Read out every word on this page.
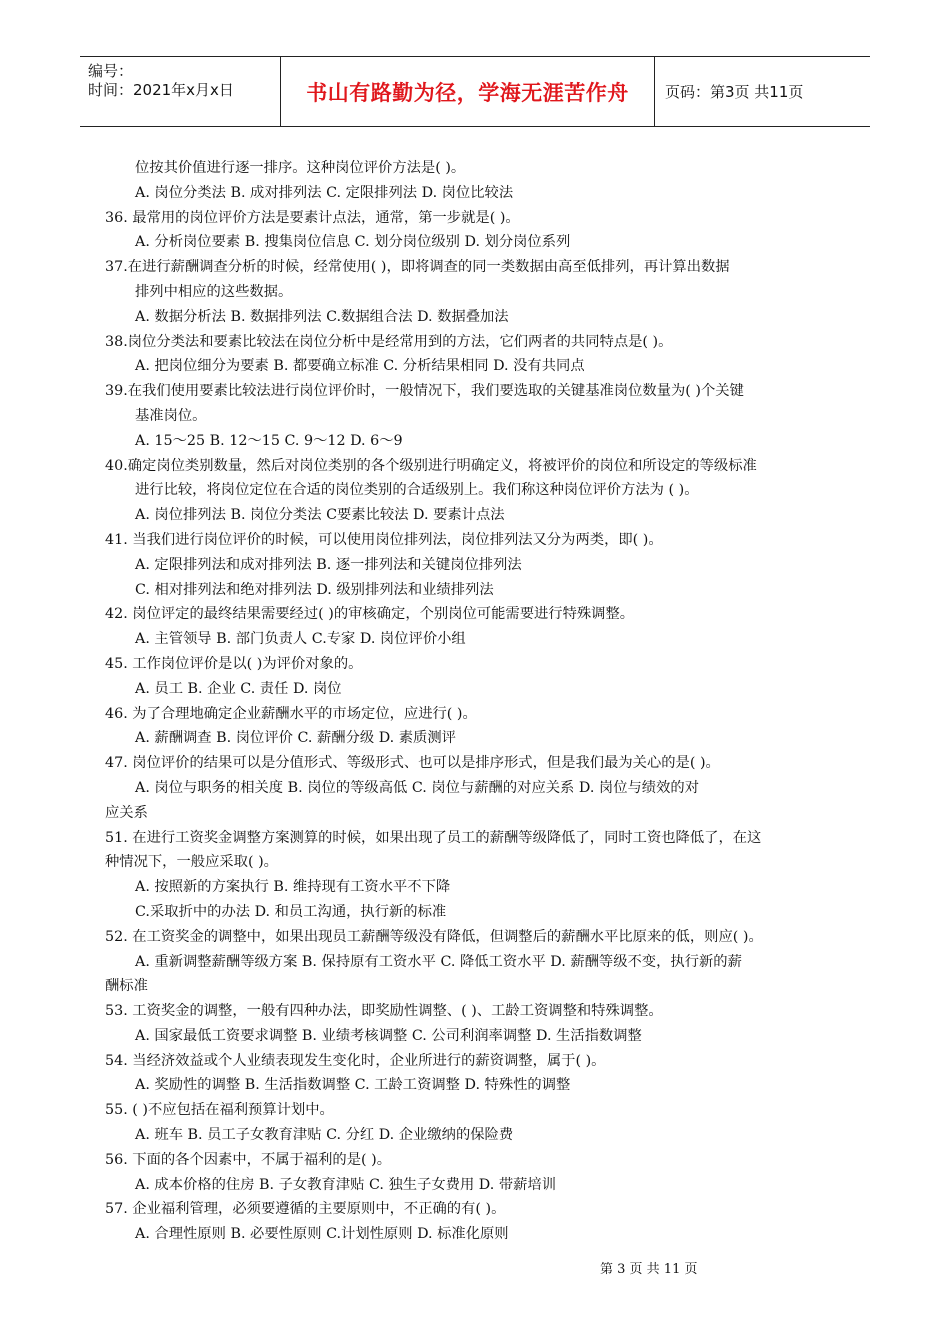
编号：
时间：2021年x月x日	书山有路勤为径，学海无涯苦作舟	页码：第3页 共11页
位按其价值进行逐一排序。这种岗位评价方法是( )。
A. 岗位分类法 B. 成对排列法 C. 定限排列法 D. 岗位比较法
36. 最常用的岗位评价方法是要素计点法，通常，第一步就是( )。
A. 分析岗位要素 B. 搜集岗位信息 C. 划分岗位级别 D. 划分岗位系列
37.在进行薪酬调查分析的时候，经常使用( )，即将调查的同一类数据由高至低排列，再计算出数据
排列中相应的这些数据。
A. 数据分析法 B. 数据排列法 C.数据组合法 D. 数据叠加法
38.岗位分类法和要素比较法在岗位分析中是经常用到的方法，它们两者的共同特点是( )。
A. 把岗位细分为要素 B. 都要确立标准 C. 分析结果相同 D. 没有共同点
39.在我们使用要素比较法进行岗位评价时，一般情况下，我们要选取的关键基准岗位数量为( )个关键
基准岗位。
A. 15～25 B. 12～15 C. 9～12 D. 6～9
40.确定岗位类别数量，然后对岗位类别的各个级别进行明确定义，将被评价的岗位和所设定的等级标准
进行比较，将岗位定位在合适的岗位类别的合适级别上。我们称这种岗位评价方法为 ( )。
A. 岗位排列法 B. 岗位分类法 C要素比较法 D. 要素计点法
41. 当我们进行岗位评价的时候，可以使用岗位排列法，岗位排列法又分为两类，即( )。
A. 定限排列法和成对排列法 B. 逐一排列法和关键岗位排列法
C. 相对排列法和绝对排列法 D. 级别排列法和业绩排列法
42. 岗位评定的最终结果需要经过( )的审核确定，个别岗位可能需要进行特殊调整。
A. 主管领导 B. 部门负责人 C.专家 D. 岗位评价小组
45. 工作岗位评价是以( )为评价对象的。
A. 员工 B. 企业 C. 责任 D. 岗位
46. 为了合理地确定企业薪酬水平的市场定位，应进行( )。
A. 薪酬调查 B. 岗位评价 C. 薪酬分级 D. 素质测评
47. 岗位评价的结果可以是分值形式、等级形式、也可以是排序形式，但是我们最为关心的是( )。
A. 岗位与职务的相关度 B. 岗位的等级高低 C. 岗位与薪酬的对应关系 D. 岗位与绩效的对
应关系
51. 在进行工资奖金调整方案测算的时候，如果出现了员工的薪酬等级降低了，同时工资也降低了，在这
种情况下，一般应采取( )。
A. 按照新的方案执行 B. 维持现有工资水平不下降
C.采取折中的办法 D. 和员工沟通，执行新的标准
52. 在工资奖金的调整中，如果出现员工薪酬等级没有降低，但调整后的薪酬水平比原来的低，则应( )。
A. 重新调整薪酬等级方案 B. 保持原有工资水平 C. 降低工资水平 D. 薪酬等级不变，执行新的薪
酬标准
53. 工资奖金的调整，一般有四种办法，即奖励性调整、( )、工龄工资调整和特殊调整。
A. 国家最低工资要求调整 B. 业绩考核调整 C. 公司利润率调整 D. 生活指数调整
54. 当经济效益或个人业绩表现发生变化时，企业所进行的薪资调整，属于( )。
A. 奖励性的调整 B. 生活指数调整 C. 工龄工资调整 D. 特殊性的调整
55. ( )不应包括在福利预算计划中。
A. 班车 B. 员工子女教育津贴 C. 分红 D. 企业缴纳的保险费
56. 下面的各个因素中，不属于福利的是( )。
A. 成本价格的住房 B. 子女教育津贴 C. 独生子女费用 D. 带薪培训
57. 企业福利管理，必须要遵循的主要原则中，不正确的有( )。
A. 合理性原则 B. 必要性原则 C.计划性原则 D. 标准化原则
第 3 页 共 11 页
